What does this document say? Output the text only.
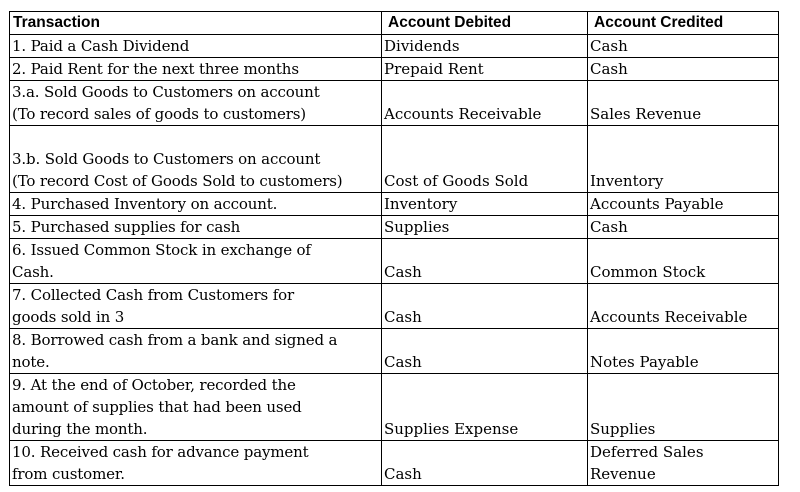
Transaction	Account Debited	Account Credited

1. Paid a Cash Dividend	Dividends	Cash

2. Paid Rent for the next three months	Prepaid Rent	Cash

3.a. Sold Goods to Customers on account
(To record sales of goods to customers)	Accounts Receivable	Sales Revenue

3.b. Sold Goods to Customers on account
(To record Cost of Goods Sold to customers)	Cost of Goods Sold	Inventory

4. Purchased Inventory on account.	Inventory	Accounts Payable

5. Purchased supplies for cash	Supplies	Cash

6. Issued Common Stock in exchange of
Cash.	Cash	Common Stock

7. Collected Cash from Customers for
goods sold in 3	Cash	Accounts Receivable

8. Borrowed cash from a bank and signed a
note.	Cash	Notes Payable

9. At the end of October, recorded the
amount of supplies that had been used
during the month.	Supplies Expense	Supplies

10. Received cash for advance payment
from customer.	Cash	Deferred Sales
Revenue
